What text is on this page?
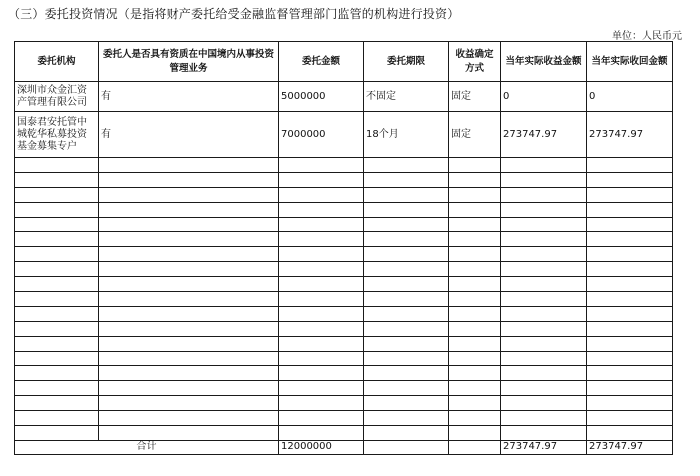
（三）委托投资情况（是指将财产委托给受金融监督管理部门监管的机构进行投资）
单位：人民币元
委托机构	委托人是否具有资质在中国境内从事投资管理业务	委托金额	委托期限	收益确定方式	当年实际收益金额	当年实际收回金额
深圳市众金汇资产管理有限公司	有	5000000	不固定	固定	0	0
国泰君安托管中城乾华私募投资基金募集专户	有	7000000	18个月	固定	273747.97	273747.97

合计		12000000			273747.97	273747.97
